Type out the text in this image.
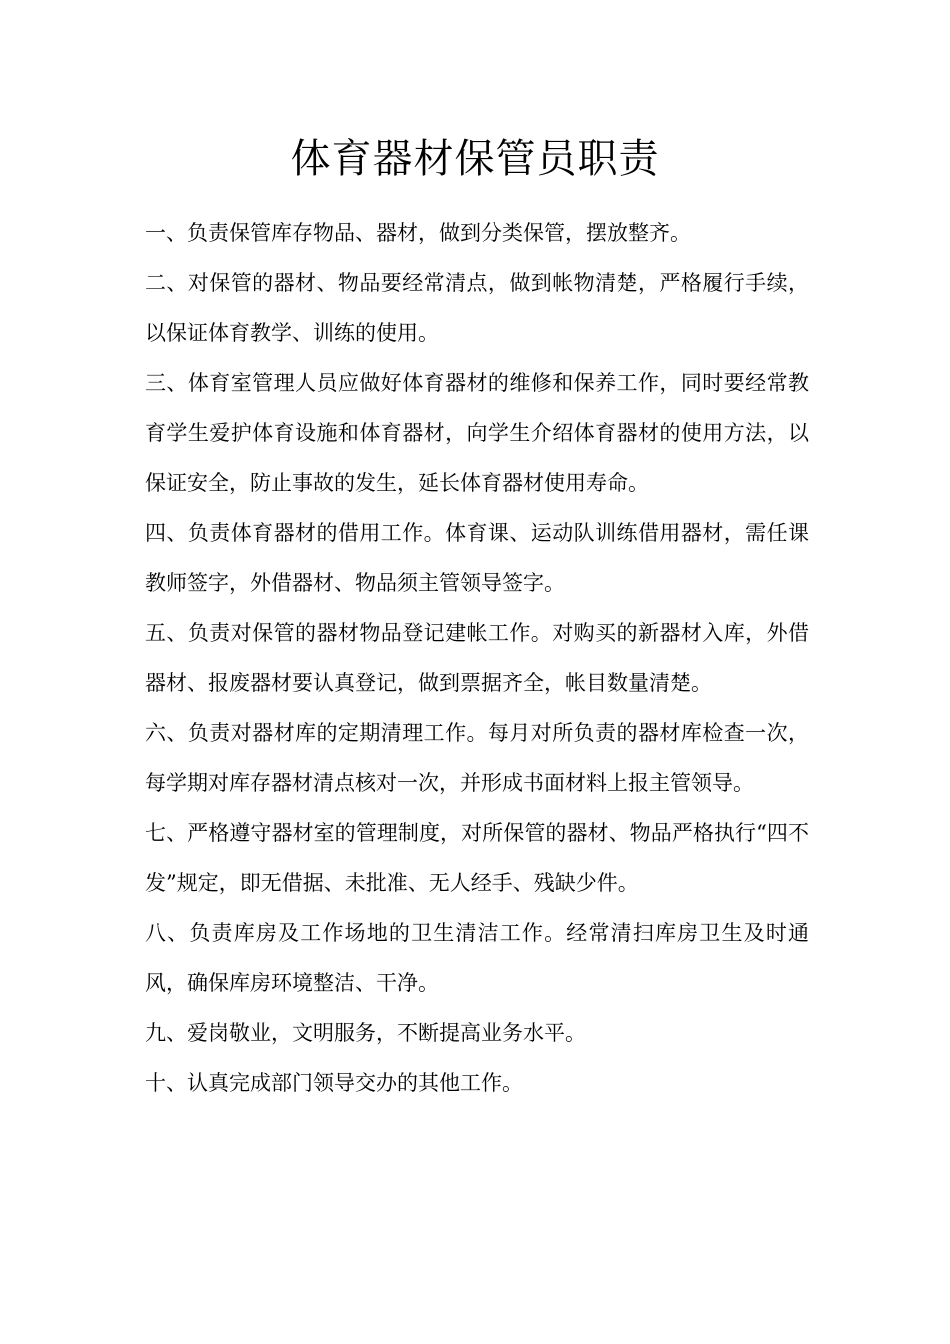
体育器材保管员职责

一、负责保管库存物品、器材，做到分类保管，摆放整齐。

二、对保管的器材、物品要经常清点，做到帐物清楚，严格履行手续，以保证体育教学、训练的使用。

三、体育室管理人员应做好体育器材的维修和保养工作，同时要经常教育学生爱护体育设施和体育器材，向学生介绍体育器材的使用方法，以保证安全，防止事故的发生，延长体育器材使用寿命。

四、负责体育器材的借用工作。体育课、运动队训练借用器材，需任课教师签字，外借器材、物品须主管领导签字。

五、负责对保管的器材物品登记建帐工作。对购买的新器材入库，外借器材、报废器材要认真登记，做到票据齐全，帐目数量清楚。

六、负责对器材库的定期清理工作。每月对所负责的器材库检查一次，每学期对库存器材清点核对一次，并形成书面材料上报主管领导。

七、严格遵守器材室的管理制度，对所保管的器材、物品严格执行“四不发”规定，即无借据、未批准、无人经手、残缺少件。

八、负责库房及工作场地的卫生清洁工作。经常清扫库房卫生及时通风，确保库房环境整洁、干净。

九、爱岗敬业，文明服务，不断提高业务水平。

十、认真完成部门领导交办的其他工作。
